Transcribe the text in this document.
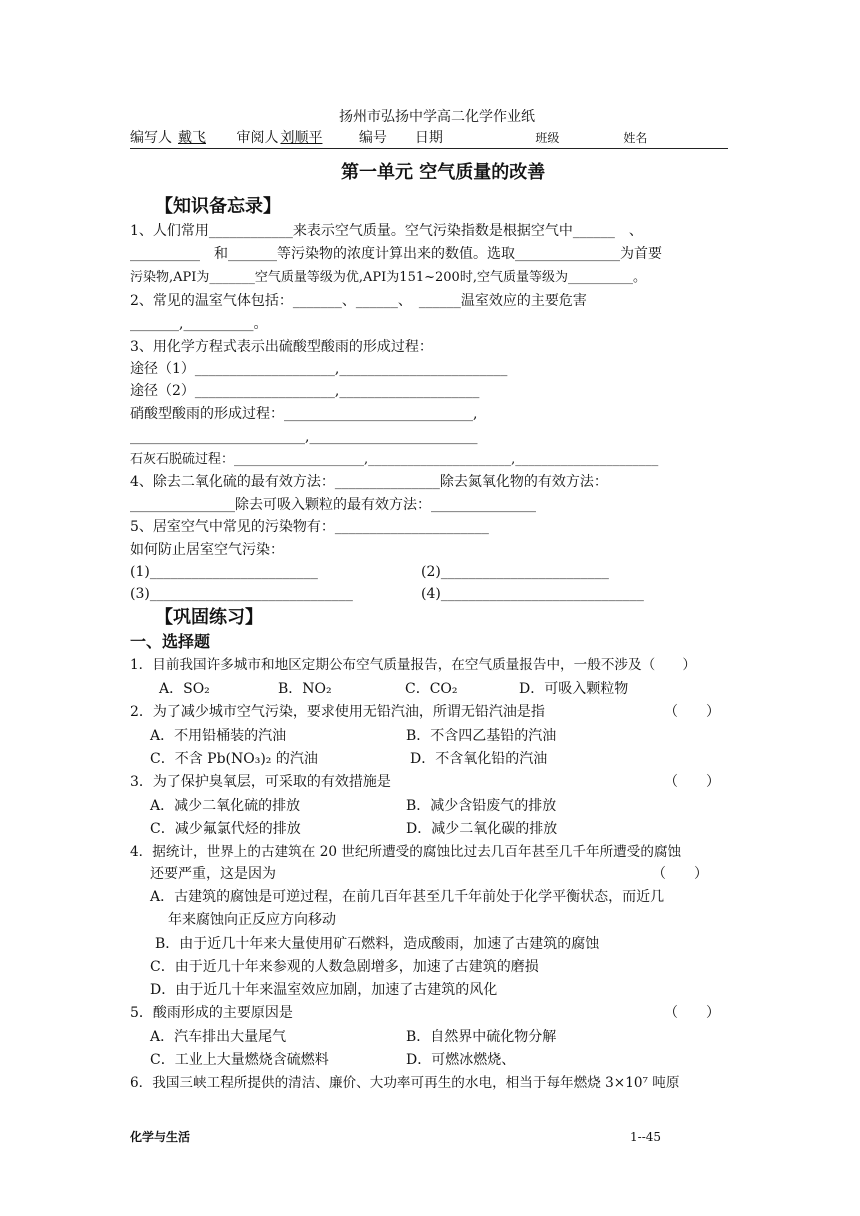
扬州市弘扬中学高二化学作业纸
编写人 戴飞 审阅人 刘顺平	编号 日期	班级	姓名
第一单元 空气质量的改善
【知识备忘录】
1、人们常用____________来表示空气质量。空气污染指数是根据空气中______　、
__________　和_______等污染物的浓度计算出来的数值。选取_______________为首要
污染物,API为_______空气质量等级为优,API为151~200时,空气质量等级为__________。
2、常见的温室气体包括：_______、______、　______温室效应的主要危害
_______,__________。
3、用化学方程式表示出硫酸型酸雨的形成过程：
途径（1）____________________,________________________
途径（2）____________________,____________________
硝酸型酸雨的形成过程：___________________________,
_________________________,________________________
石灰石脱硫过程：____________________,______________________,______________________
4、除去二氧化硫的最有效方法：_______________除去氮氧化物的有效方法：
_______________除去可吸入颗粒的最有效方法：_______________
5、居室空气中常见的污染物有：______________________
如何防止居室空气污染：
(1)________________________	(2)________________________
(3)_____________________________	(4)_____________________________
【巩固练习】
一、选择题
1．目前我国许多城市和地区定期公布空气质量报告，在空气质量报告中，一般不涉及（　　）
A．SO₂	B．NO₂	C．CO₂	D．可吸入颗粒物
2．为了减少城市空气污染，要求使用无铅汽油，所谓无铅汽油是指	（　　）
A．不用铅桶装的汽油	B．不含四乙基铅的汽油
C．不含 Pb(NO₃)₂ 的汽油	D．不含氧化铅的汽油
3．为了保护臭氧层，可采取的有效措施是	（　　）
A．减少二氧化硫的排放	B．减少含铅废气的排放
C．减少氟氯代烃的排放	D．减少二氧化碳的排放
4．据统计，世界上的古建筑在 20 世纪所遭受的腐蚀比过去几百年甚至几千年所遭受的腐蚀
还要严重，这是因为	（　　）
A．古建筑的腐蚀是可逆过程，在前几百年甚至几千年前处于化学平衡状态，而近几
年来腐蚀向正反应方向移动
B．由于近几十年来大量使用矿石燃料，造成酸雨，加速了古建筑的腐蚀
C．由于近几十年来参观的人数急剧增多，加速了古建筑的磨损
D．由于近几十年来温室效应加剧，加速了古建筑的风化
5．酸雨形成的主要原因是	（　　）
A．汽车排出大量尾气	B．自然界中硫化物分解
C．工业上大量燃烧含硫燃料	D．可燃冰燃烧、
6．我国三峡工程所提供的清洁、廉价、大功率可再生的水电，相当于每年燃烧 3×10⁷ 吨原
化学与生活	1--45
